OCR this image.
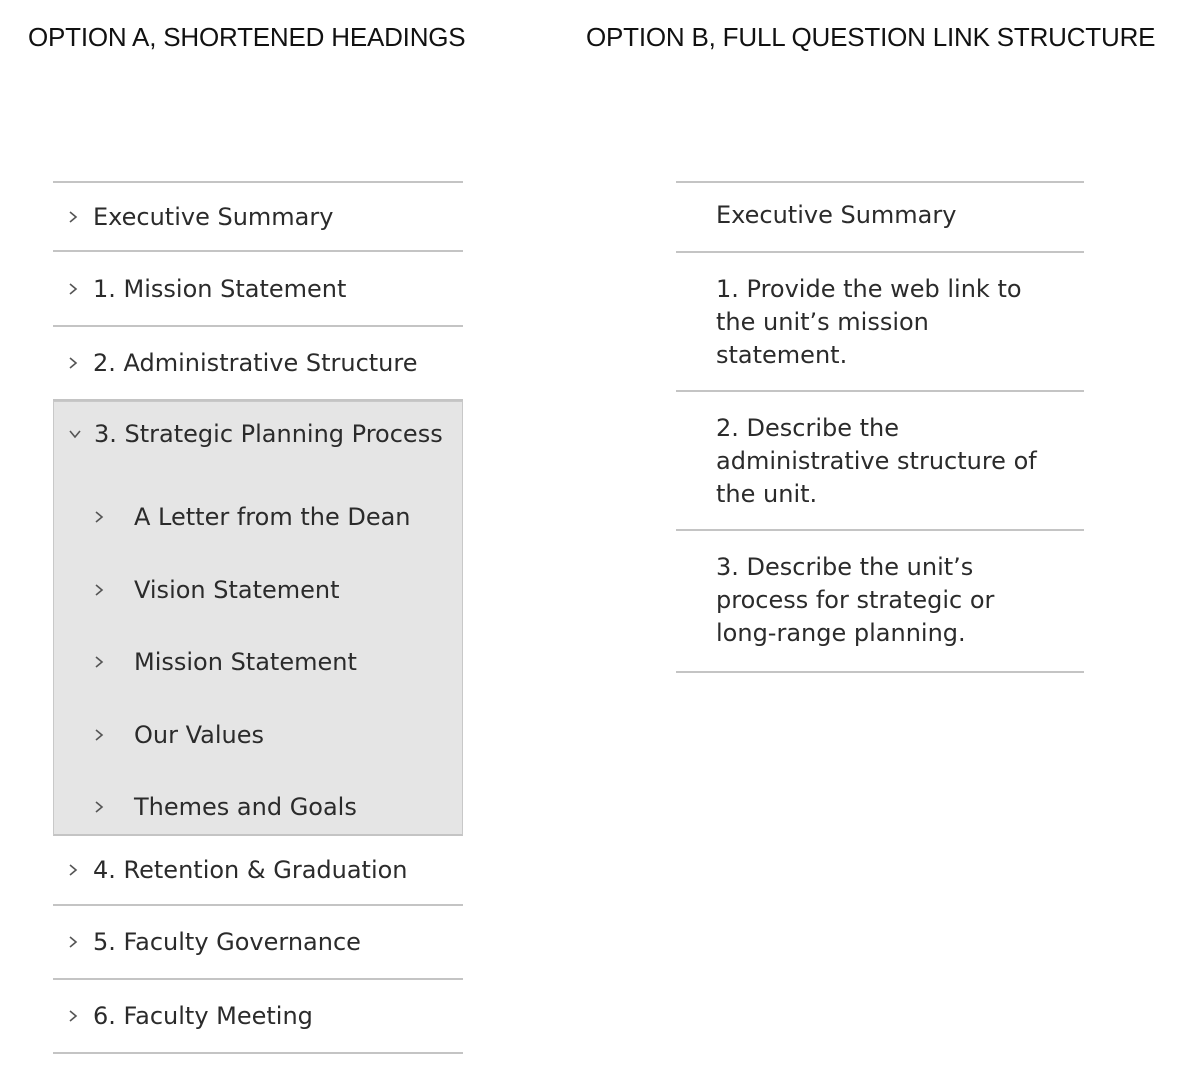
OPTION A, SHORTENED HEADINGS	OPTION B, FULL QUESTION LINK STRUCTURE
Executive Summary
1. Mission Statement
2. Administrative Structure
3. Strategic Planning Process
A Letter from the Dean
Vision Statement
Mission Statement
Our Values
Themes and Goals
4. Retention & Graduation
5. Faculty Governance
6. Faculty Meeting
Executive Summary
1. Provide the web link to the unit’s mission statement.
2. Describe the administrative structure of the unit.
3. Describe the unit’s process for strategic or long-range planning.
